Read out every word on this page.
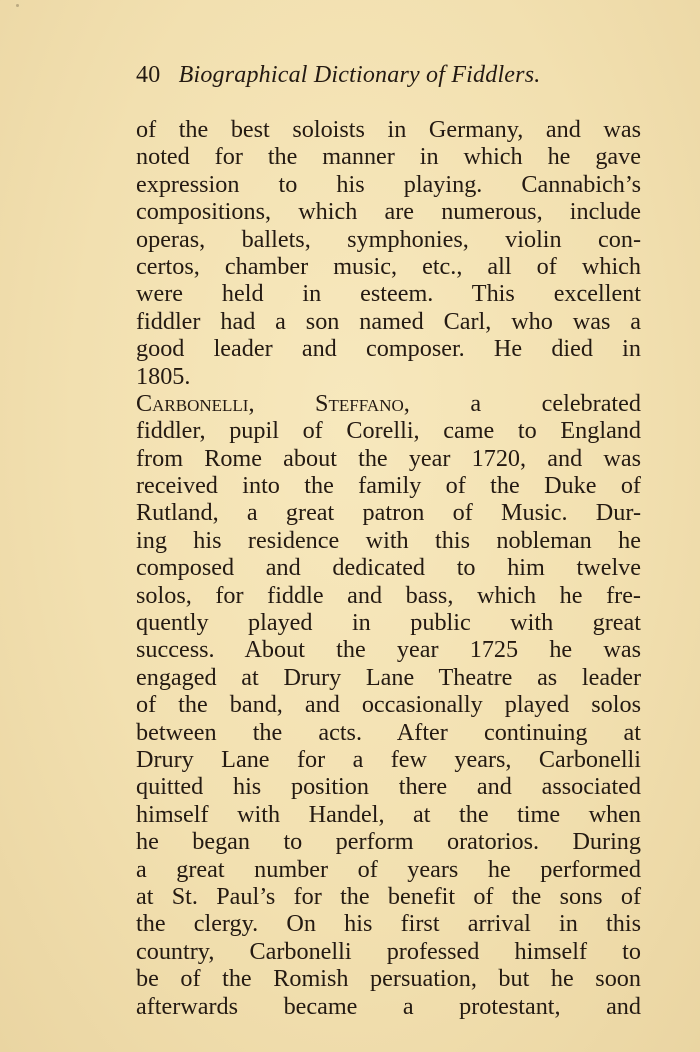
40 Biographical Dictionary of Fiddlers.
of the best soloists in Germany, and was
noted for the manner in which he gave
expression to his playing. Cannabich’s
compositions, which are numerous, include
operas, ballets, symphonies, violin con-
certos, chamber music, etc., all of which
were held in esteem. This excellent
fiddler had a son named Carl, who was a
good leader and composer. He died in
1805.
Carbonelli, Steffano, a celebrated
fiddler, pupil of Corelli, came to England
from Rome about the year 1720, and was
received into the family of the Duke of
Rutland, a great patron of Music. Dur-
ing his residence with this nobleman he
composed and dedicated to him twelve
solos, for fiddle and bass, which he fre-
quently played in public with great
success. About the year 1725 he was
engaged at Drury Lane Theatre as leader
of the band, and occasionally played solos
between the acts. After continuing at
Drury Lane for a few years, Carbonelli
quitted his position there and associated
himself with Handel, at the time when
he began to perform oratorios. During
a great number of years he performed
at St. Paul’s for the benefit of the sons of
the clergy. On his first arrival in this
country, Carbonelli professed himself to
be of the Romish persuation, but he soon
afterwards became a protestant, and
